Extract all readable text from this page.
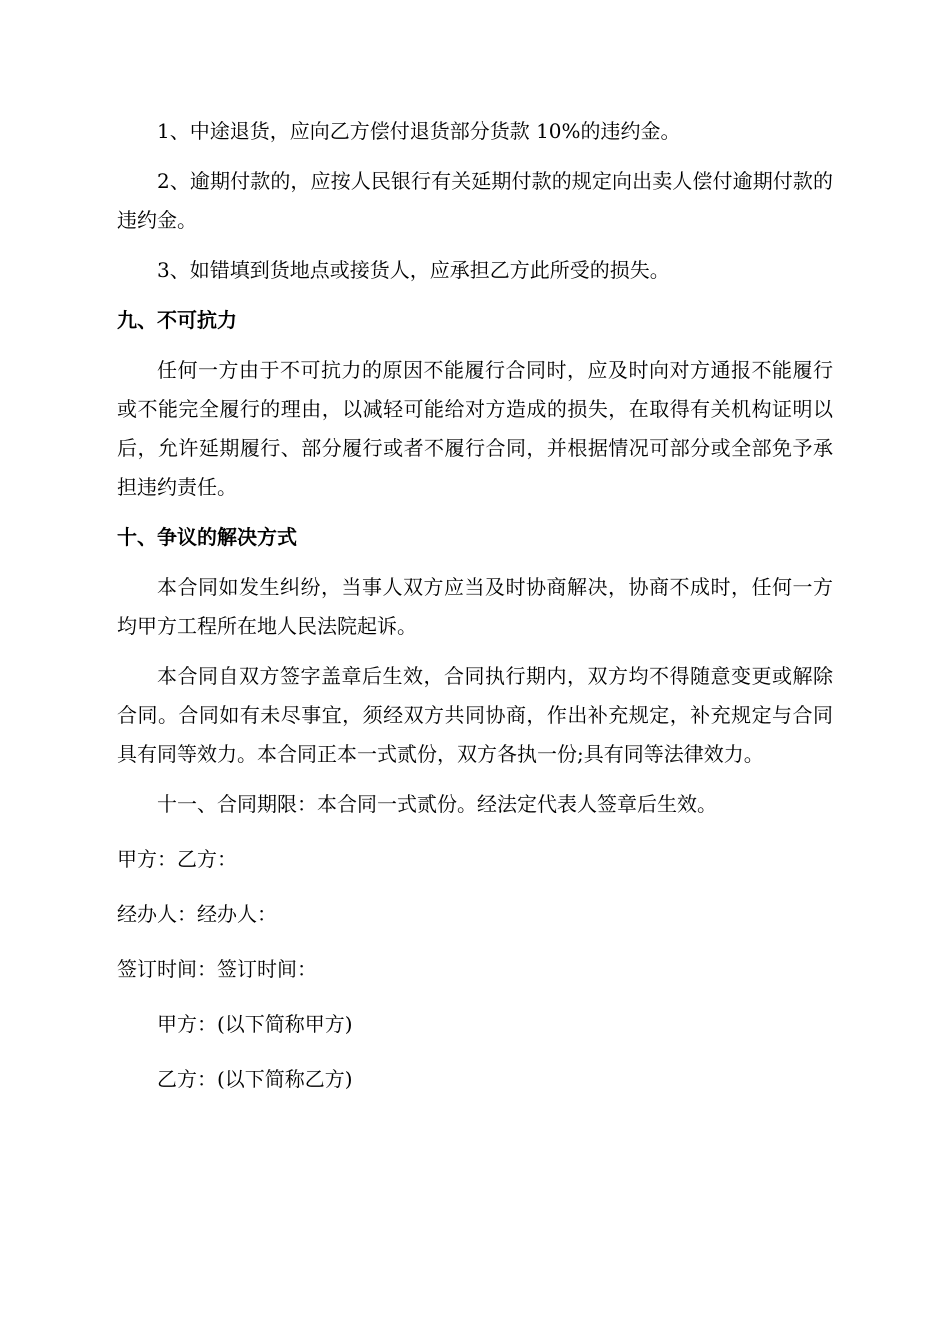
1、中途退货，应向乙方偿付退货部分货款 10%的违约金。

2、逾期付款的，应按人民银行有关延期付款的规定向出卖人偿付逾期付款的违约金。

3、如错填到货地点或接货人，应承担乙方此所受的损失。

九、不可抗力

任何一方由于不可抗力的原因不能履行合同时，应及时向对方通报不能履行或不能完全履行的理由，以减轻可能给对方造成的损失，在取得有关机构证明以后，允许延期履行、部分履行或者不履行合同，并根据情况可部分或全部免予承担违约责任。

十、争议的解决方式

本合同如发生纠纷，当事人双方应当及时协商解决，协商不成时，任何一方均甲方工程所在地人民法院起诉。

本合同自双方签字盖章后生效，合同执行期内，双方均不得随意变更或解除合同。合同如有未尽事宜，须经双方共同协商，作出补充规定，补充规定与合同具有同等效力。本合同正本一式贰份，双方各执一份;具有同等法律效力。

十一、合同期限：本合同一式贰份。经法定代表人签章后生效。

甲方：乙方：

经办人：经办人：

签订时间：签订时间：

甲方：(以下简称甲方)

乙方：(以下简称乙方)
